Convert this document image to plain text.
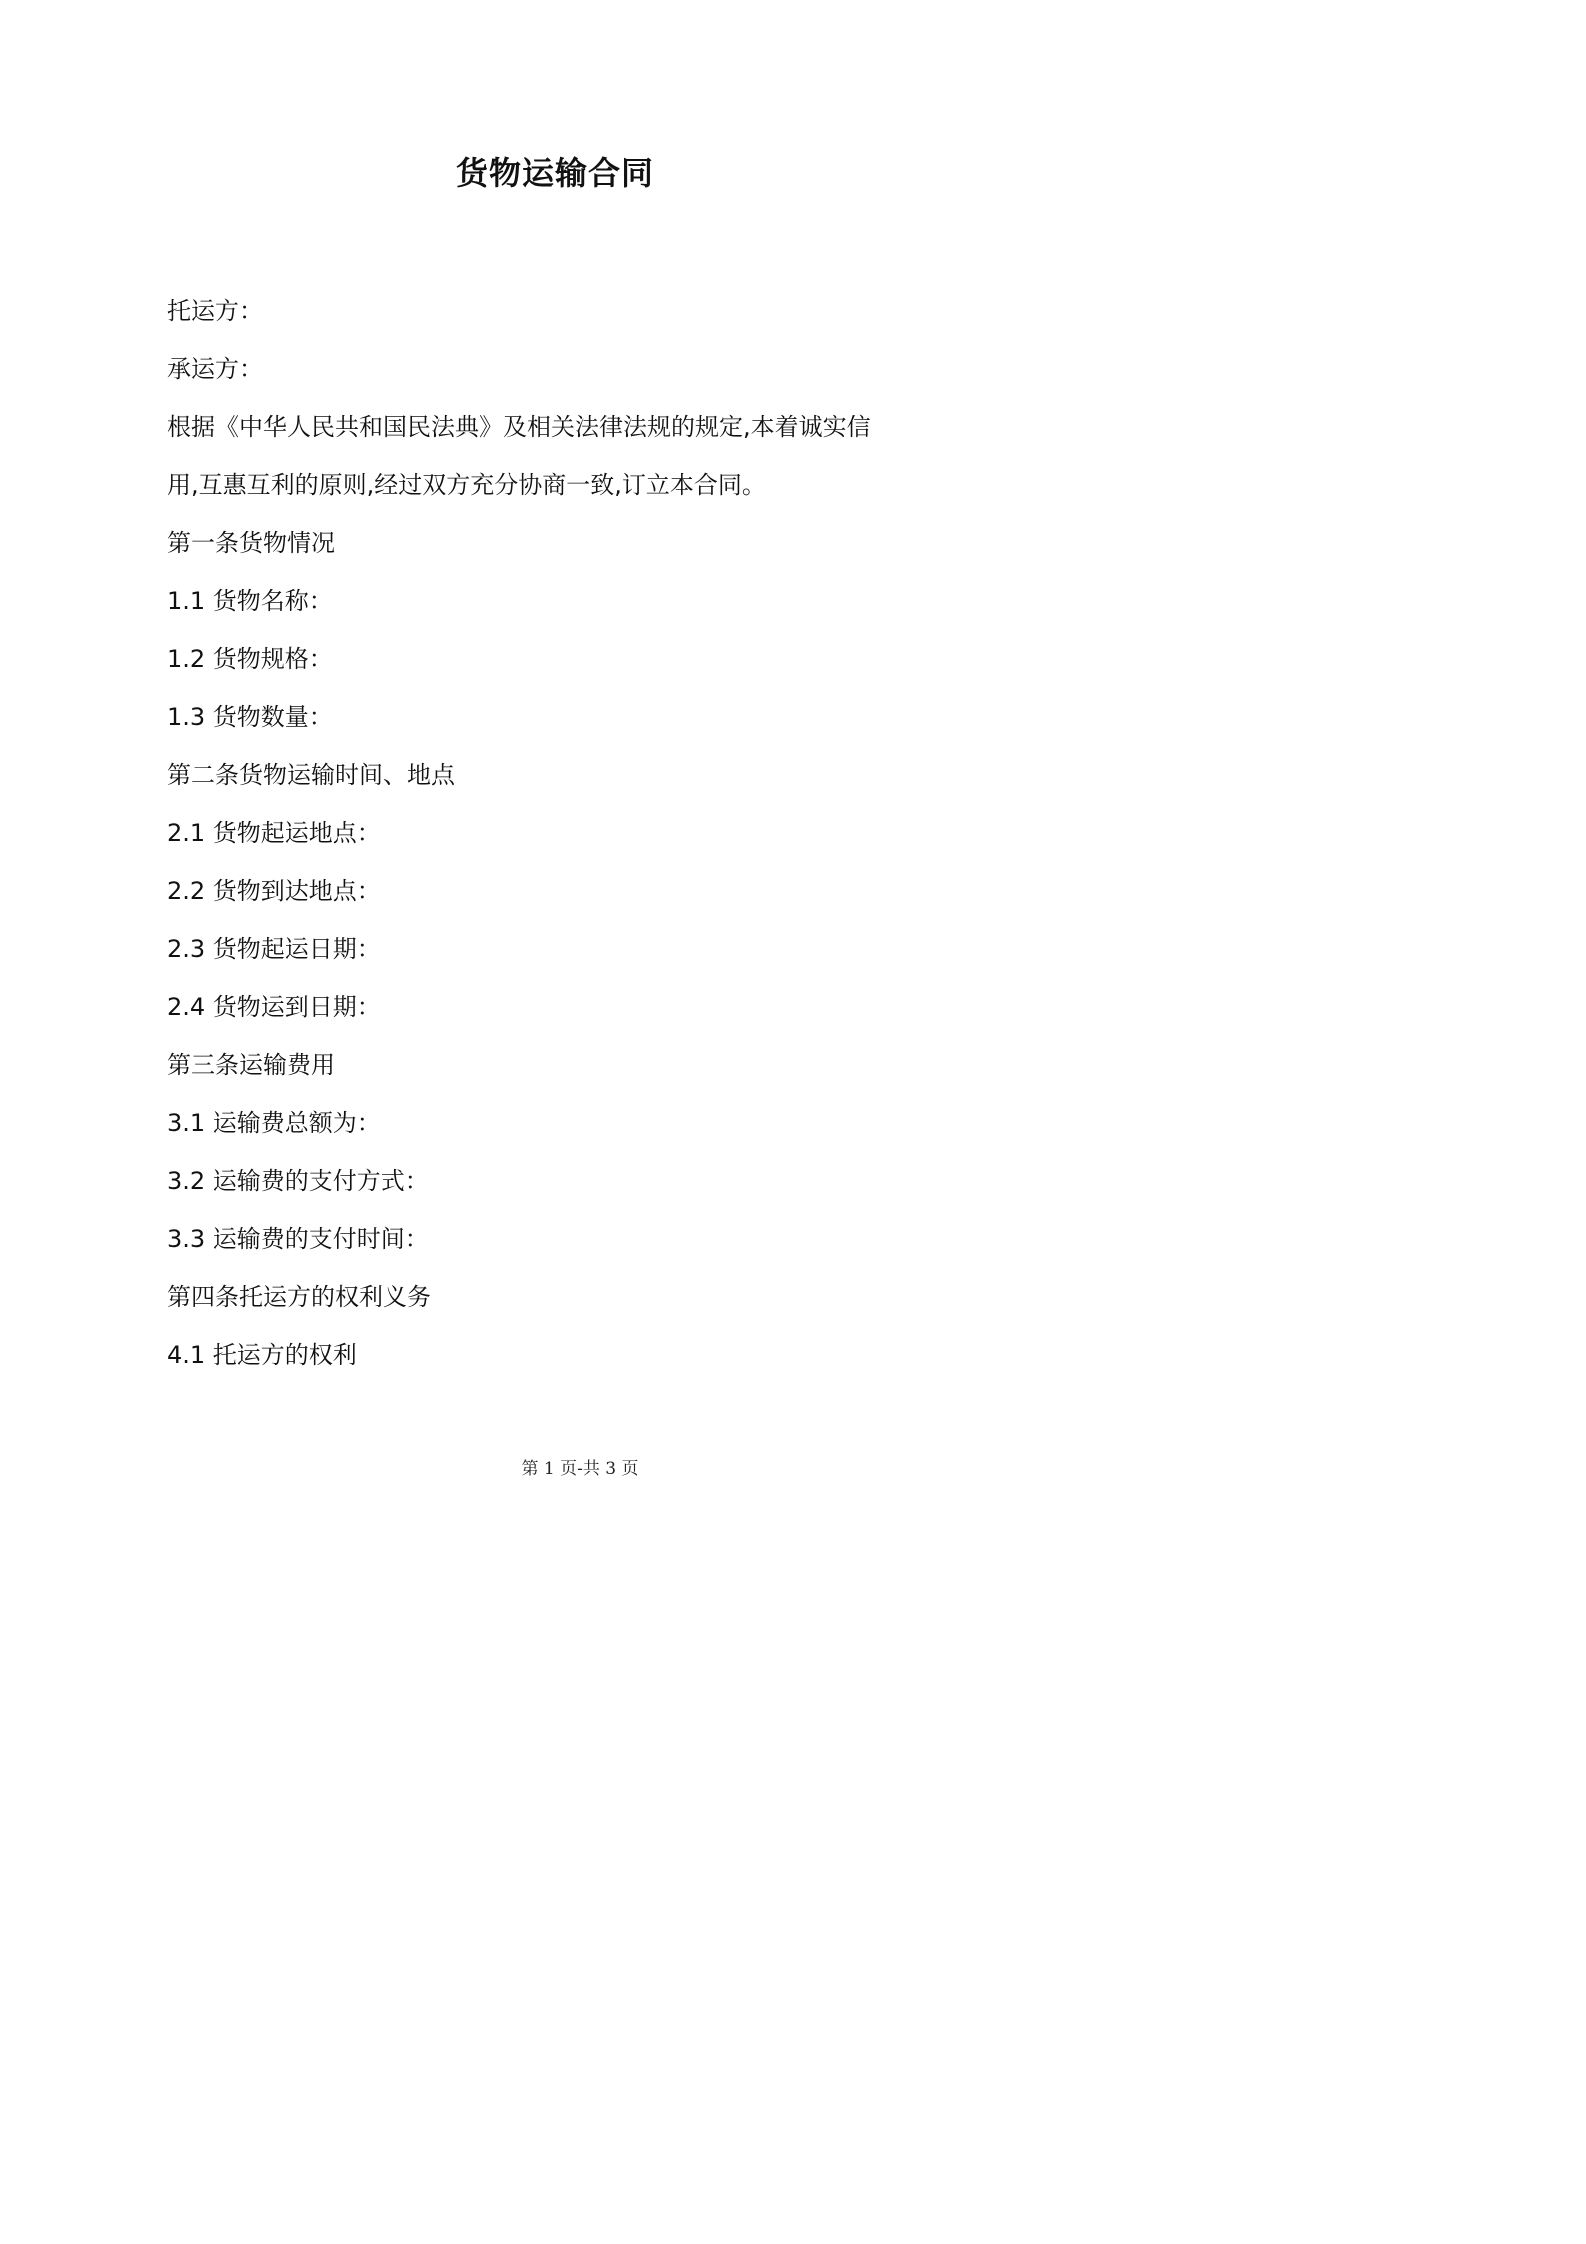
货物运输合同

托运方：

承运方：

根据《中华人民共和国民法典》及相关法律法规的规定,本着诚实信

用,互惠互利的原则,经过双方充分协商一致,订立本合同。

第一条货物情况

1.1 货物名称：

1.2 货物规格：

1.3 货物数量：

第二条货物运输时间、地点

2.1 货物起运地点：

2.2 货物到达地点：

2.3 货物起运日期：

2.4 货物运到日期：

第三条运输费用

3.1 运输费总额为：

3.2 运输费的支付方式：

3.3 运输费的支付时间：

第四条托运方的权利义务

4.1 托运方的权利

第 1 页-共 3 页
